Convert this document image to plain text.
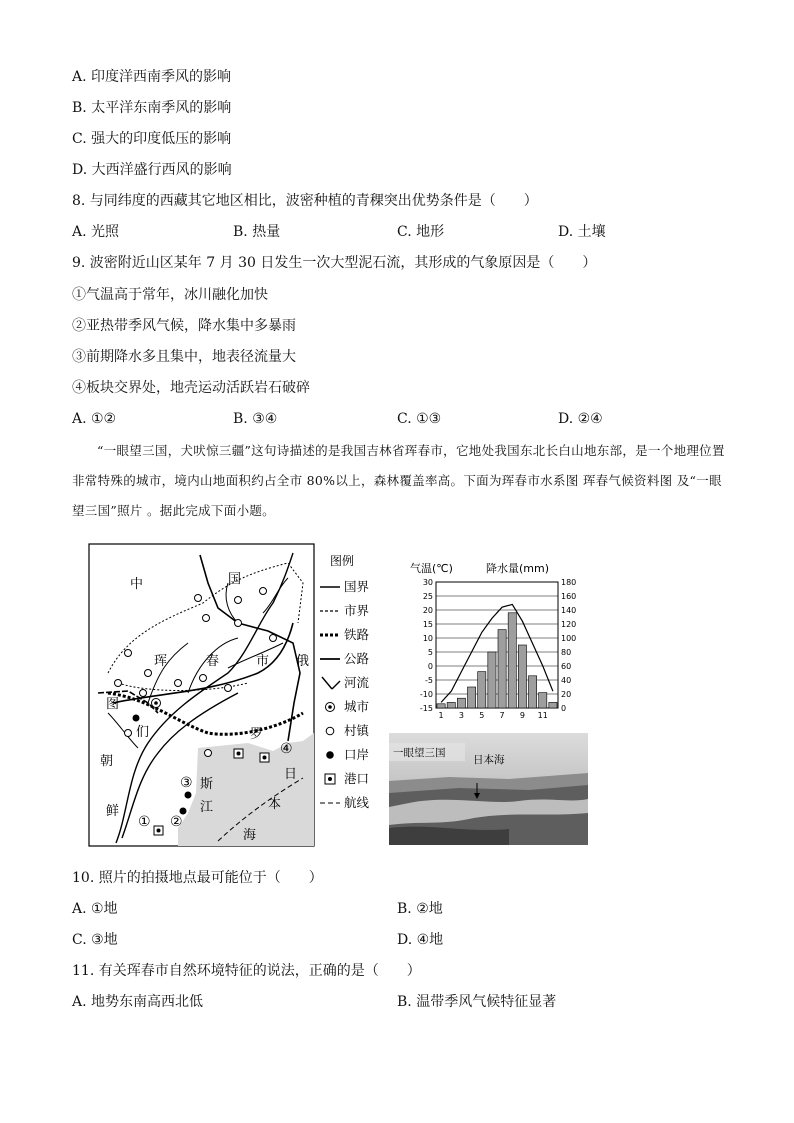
A. 印度洋西南季风的影响
B. 太平洋东南季风的影响
C. 强大的印度低压的影响
D. 大西洋盛行西风的影响
8. 与同纬度的西藏其它地区相比，波密种植的青稞突出优势条件是（　　）
A. 光照	B. 热量	C. 地形	D. 土壤
9. 波密附近山区某年 7 月 30 日发生一次大型泥石流，其形成的气象原因是（　　）
①气温高于常年，冰川融化加快
②亚热带季风气候，降水集中多暴雨
③前期降水多且集中，地表径流量大
④板块交界处，地壳运动活跃岩石破碎
A. ①②	B. ③④	C. ①③	D. ②④
“一眼望三国，犬吠惊三疆”这句诗描述的是我国吉林省珲春市，它地处我国东北长白山地东部，是一个地理位置非常特殊的城市，境内山地面积约占全市 80%以上，森林覆盖率高。下面为珲春市水系图 珲春气候资料图 及“一眼望三国”照片 。据此完成下面小题。
中	国
珲	春	市 俄
罗
斯
图
们
江
朝
鲜
日
本
海
① ②
③
④
图例
国界
市界
铁路
公路
河流
城市
村镇
口岸
港口
航线
气温(℃)	降水量(mm)
30
25
20
15
10
5
0
-5
-10
-15
180
160
140
120
100
80
60
40
20
0
1 3 5 7 9 11
一眼望三国
日本海
10. 照片的拍摄地点最可能位于（　　）
A. ①地	B. ②地
C. ③地	D. ④地
11. 有关珲春市自然环境特征的说法，正确的是（　　）
A. 地势东南高西北低	B. 温带季风气候特征显著
